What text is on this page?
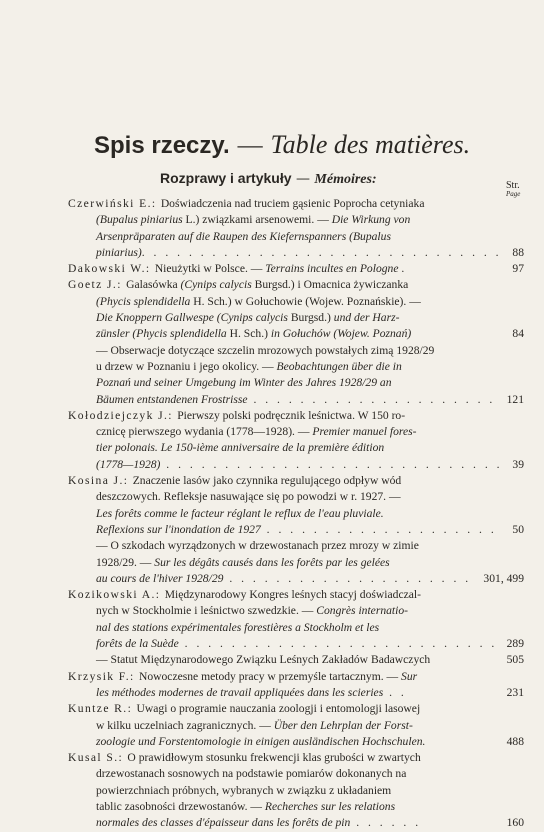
Spis rzeczy. — Table des matières.
Rozprawy i artykuły — Mémoires:	Str.
Page
Czerwiński E.: Doświadczenia nad truciem gąsienic Poprocha cetyniaka
(Bupalus piniarius L.) związkami arsenowemi. — Die Wirkung von
Arsenpräparaten auf die Raupen des Kiefernspanners (Bupalus
piniarius). . . . . . . . . . . . . . . . . . . . . . . . . . . . . . . 88
Dakowski W.: Nieużytki w Polsce. — Terrains incultes en Pologne .	97
Goetz J.: Galasówka (Cynips calycis Burgsd.) i Omacnica żywiczanka
(Phycis splendidella H. Sch.) w Gołuchowie (Wojew. Poznańskie). —
Die Knoppern Gallwespe (Cynips calycis Burgsd.) und der Harz-
zünsler (Phycis splendidella H. Sch.) in Gołuchów (Wojew. Poznań)	84
— Obserwacje dotyczące szczelin mrozowych powstałych zimą 1928/29
u drzew w Poznaniu i jego okolicy. — Beobachtungen über die in
Poznań und seiner Umgebung im Winter des Jahres 1928/29 an
Bäumen entstandenen Frostrisse . . . . . . . . . . . . . . . . . . . . . 121
Kołodziejczyk J.: Pierwszy polski podręcznik leśnictwa. W 150 ro-
cznicę pierwszego wydania (1778—1928). — Premier manuel fores-
tier polonais. Le 150-ième anniversaire de la première édition
(1778—1928) . . . . . . . . . . . . . . . . . . . . . . . . . . . . . 39
Kosina J.: Znaczenie lasów jako czynnika regulującego odpływ wód
deszczowych. Refleksje nasuwające się po powodzi w r. 1927. —
Les forêts comme le facteur réglant le reflux de l'eau pluviale.
Reflexions sur l'inondation de 1927 . . . . . . . . . . . . . . . . . . . . 50
— O szkodach wyrządzonych w drzewostanach przez mrozy w zimie
1928/29. — Sur les dégâts causés dans les forêts par les gelées
au cours de l'hiver 1928/29 . . . . . . . . . . . . . . . . . . . . . 301, 499
Kozikowski A.: Międzynarodowy Kongres leśnych stacyj doświadczal-
nych w Stockholmie i leśnictwo szwedzkie. — Congrès internatio-
nal des stations expérimentales forestières a Stockholm et les
forêts de la Suède . . . . . . . . . . . . . . . . . . . . . . . . . . . 289
— Statut Międzynarodowego Związku Leśnych Zakładów Badawczych	505
Krzysik F.: Nowoczesne metody pracy w przemyśle tartacznym. — Sur
les méthodes modernes de travail appliquées dans les scieries . .	231
Kuntze R.: Uwagi o programie nauczania zoologji i entomologji lasowej
w kilku uczelniach zagranicznych. — Über den Lehrplan der Forst-
zoologie und Forstentomologie in einigen ausländischen Hochschulen.	488
Kusal S.: O prawidłowym stosunku frekwencji klas grubości w zwartych
drzewostanach sosnowych na podstawie pomiarów dokonanych na
powierzchniach próbnych, wybranych w związku z układaniem
tablic zasobności drzewostanów. — Recherches sur les relations
normales des classes d'épaisseur dans les forêts de pin . . . . . .	160
